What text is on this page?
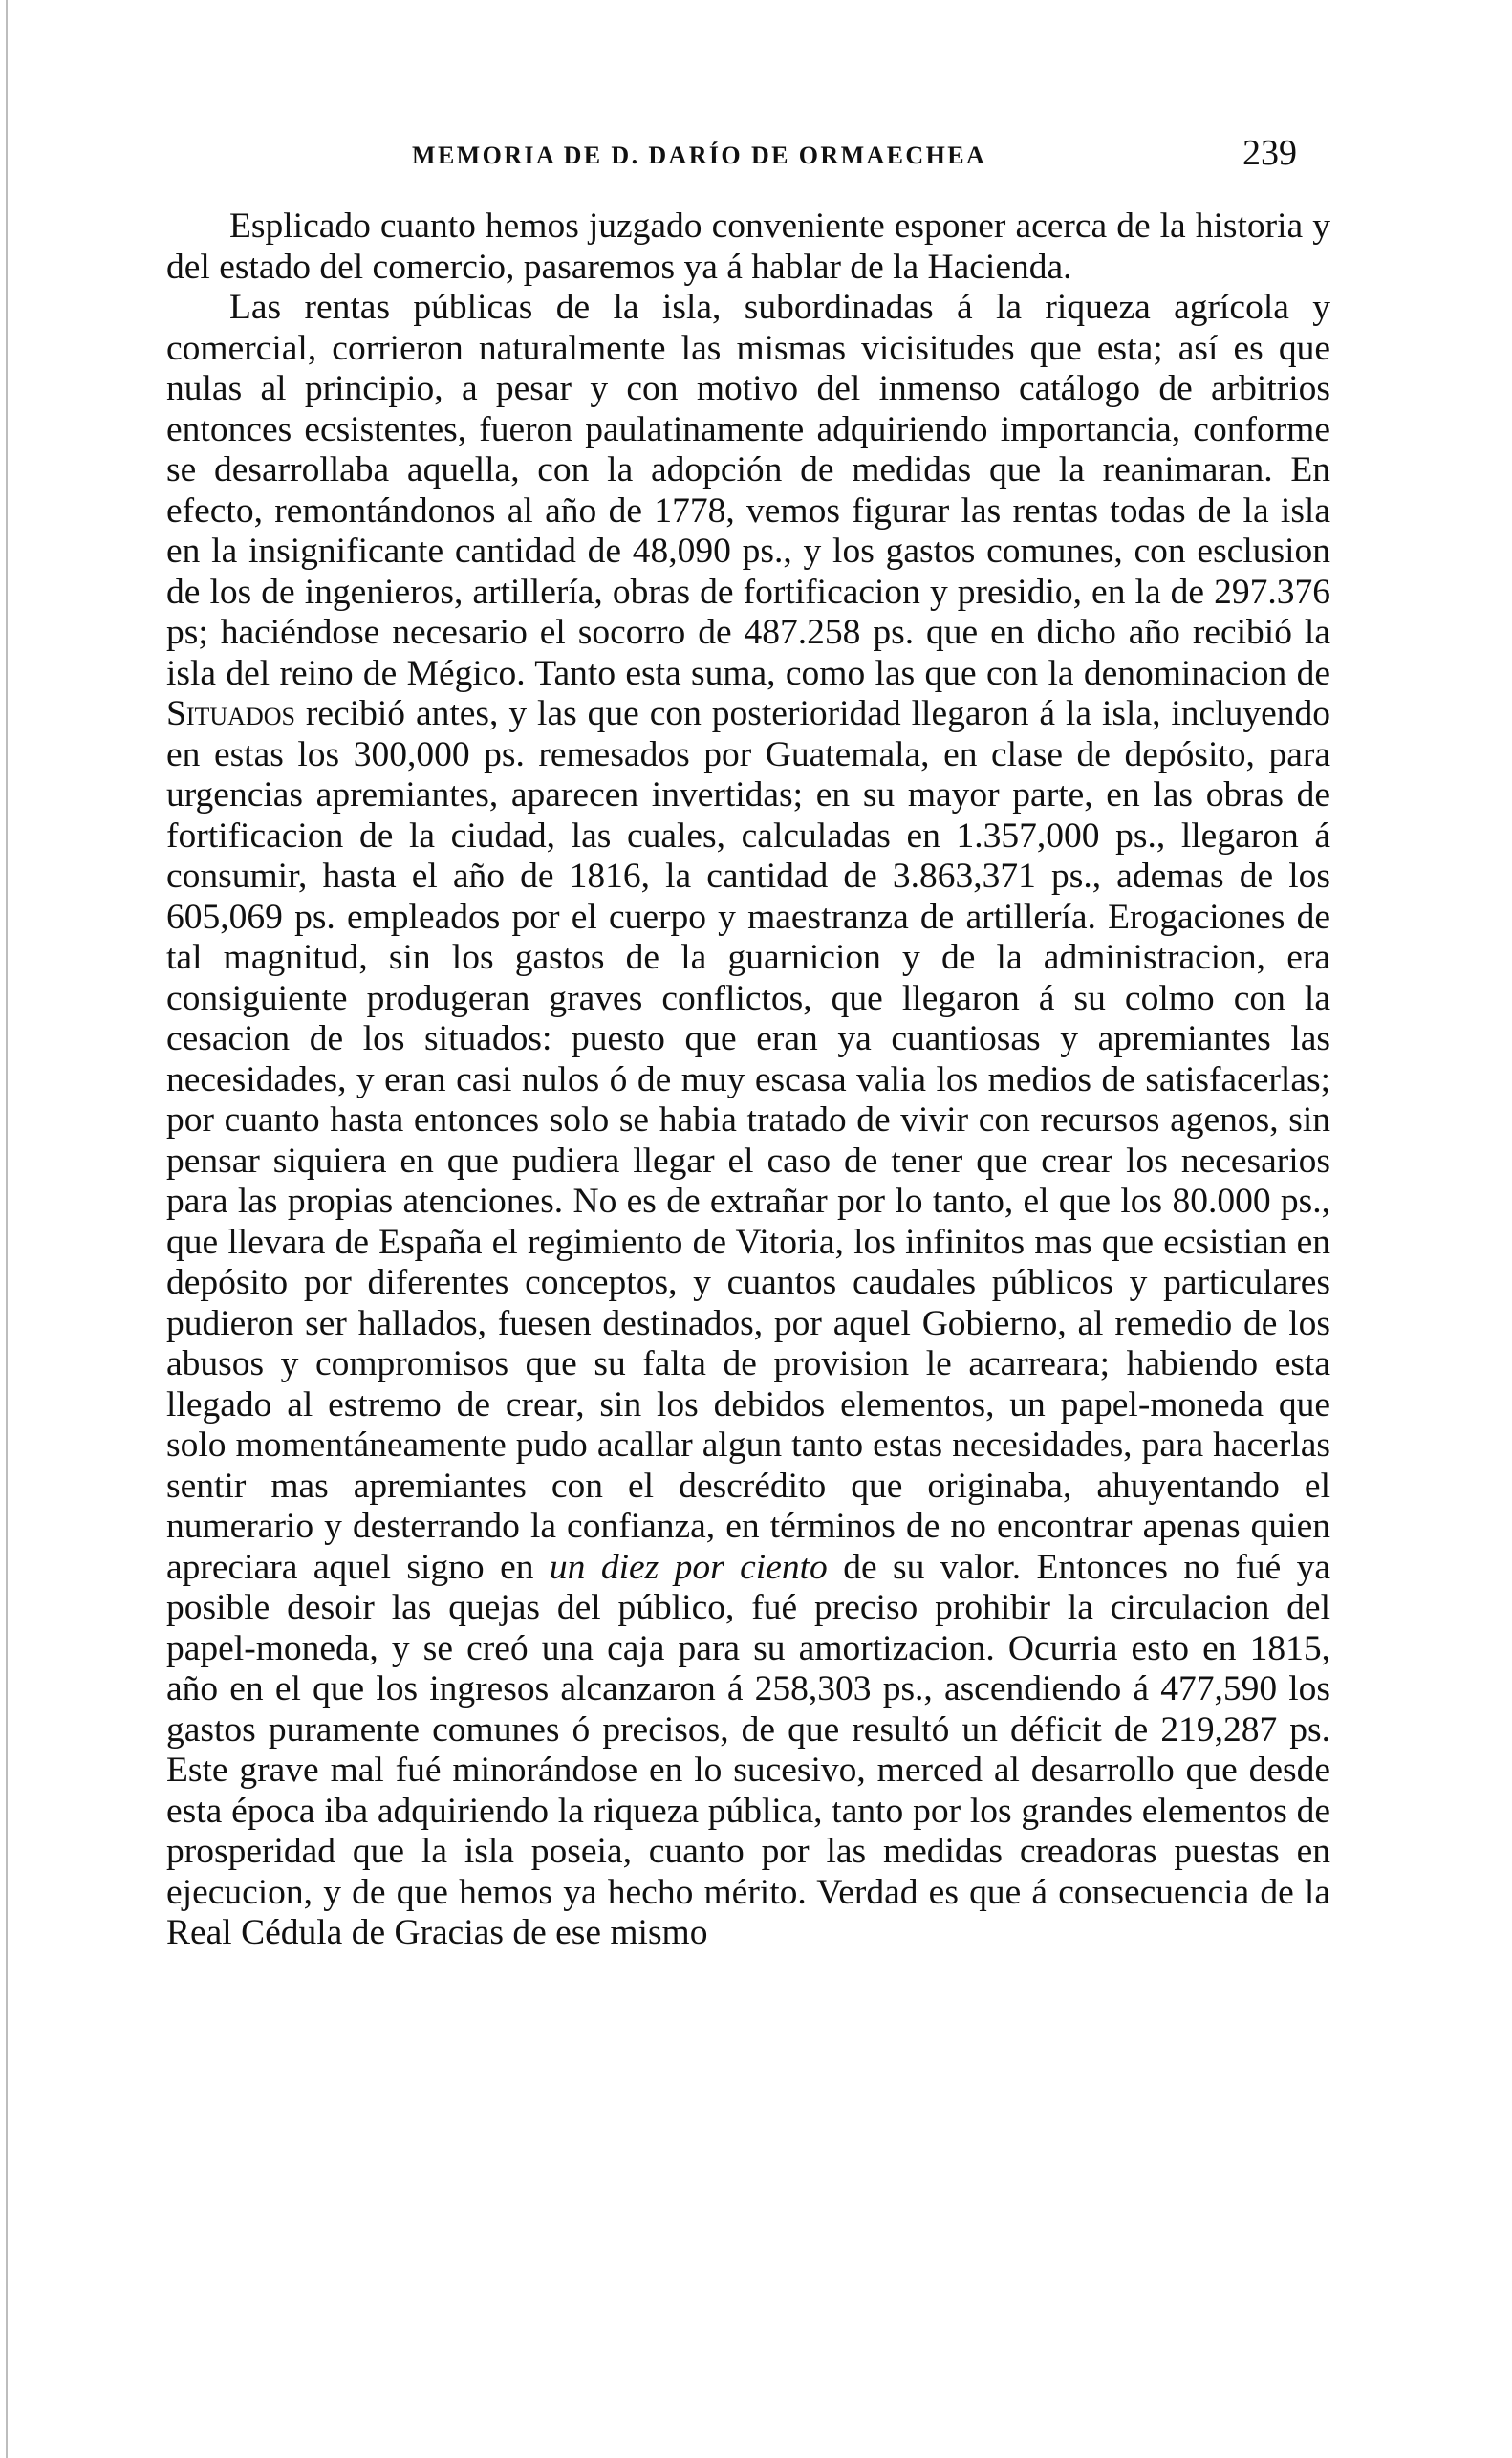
MEMORIA DE D. DARÍO DE ORMAECHEA	239

Esplicado cuanto hemos juzgado conveniente esponer acerca de la historia y del estado del comercio, pasaremos ya á hablar de la Hacienda.

Las rentas públicas de la isla, subordinadas á la riqueza agrícola y comercial, corrieron naturalmente las mismas vicisitudes que esta; así es que nulas al principio, a pesar y con motivo del inmenso catálogo de arbitrios entonces ecsistentes, fueron paulatinamente adquiriendo importancia, conforme se desarrollaba aquella, con la adopción de medidas que la reanimaran. En efecto, remontándonos al año de 1778, vemos figurar las rentas todas de la isla en la insignificante cantidad de 48,090 ps., y los gastos comunes, con esclusion de los de ingenieros, artillería, obras de fortificacion y presidio, en la de 297.376 ps; haciéndose necesario el socorro de 487.258 ps. que en dicho año recibió la isla del reino de Mégico. Tanto esta suma, como las que con la denominacion de Situados recibió antes, y las que con posterioridad llegaron á la isla, incluyendo en estas los 300,000 ps. remesados por Guatemala, en clase de depósito, para urgencias apremiantes, aparecen invertidas; en su mayor parte, en las obras de fortificacion de la ciudad, las cuales, calculadas en 1.357,000 ps., llegaron á consumir, hasta el año de 1816, la cantidad de 3.863,371 ps., ademas de los 605,069 ps. empleados por el cuerpo y maestranza de artillería. Erogaciones de tal magnitud, sin los gastos de la guarnicion y de la administracion, era consiguiente produgeran graves conflictos, que llegaron á su colmo con la cesacion de los situados: puesto que eran ya cuantiosas y apremiantes las necesidades, y eran casi nulos ó de muy escasa valia los medios de satisfacerlas; por cuanto hasta entonces solo se habia tratado de vivir con recursos agenos, sin pensar siquiera en que pudiera llegar el caso de tener que crear los necesarios para las propias atenciones. No es de extrañar por lo tanto, el que los 80.000 ps., que llevara de España el regimiento de Vitoria, los infinitos mas que ecsistian en depósito por diferentes conceptos, y cuantos caudales públicos y particulares pudieron ser hallados, fuesen destinados, por aquel Gobierno, al remedio de los abusos y compromisos que su falta de provision le acarreara; habiendo esta llegado al estremo de crear, sin los debidos elementos, un papel-moneda que solo momentáneamente pudo acallar algun tanto estas necesidades, para hacerlas sentir mas apremiantes con el descrédito que originaba, ahuyentando el numerario y desterrando la confianza, en términos de no encontrar apenas quien apreciara aquel signo en un diez por ciento de su valor. Entonces no fué ya posible desoir las quejas del público, fué preciso prohibir la circulacion del papel-moneda, y se creó una caja para su amortizacion. Ocurria esto en 1815, año en el que los ingresos alcanzaron á 258,303 ps., ascendiendo á 477,590 los gastos puramente comunes ó precisos, de que resultó un déficit de 219,287 ps. Este grave mal fué minorándose en lo sucesivo, merced al desarrollo que desde esta época iba adquiriendo la riqueza pública, tanto por los grandes elementos de prosperidad que la isla poseia, cuanto por las medidas creadoras puestas en ejecucion, y de que hemos ya hecho mérito. Verdad es que á consecuencia de la Real Cédula de Gracias de ese mismo
